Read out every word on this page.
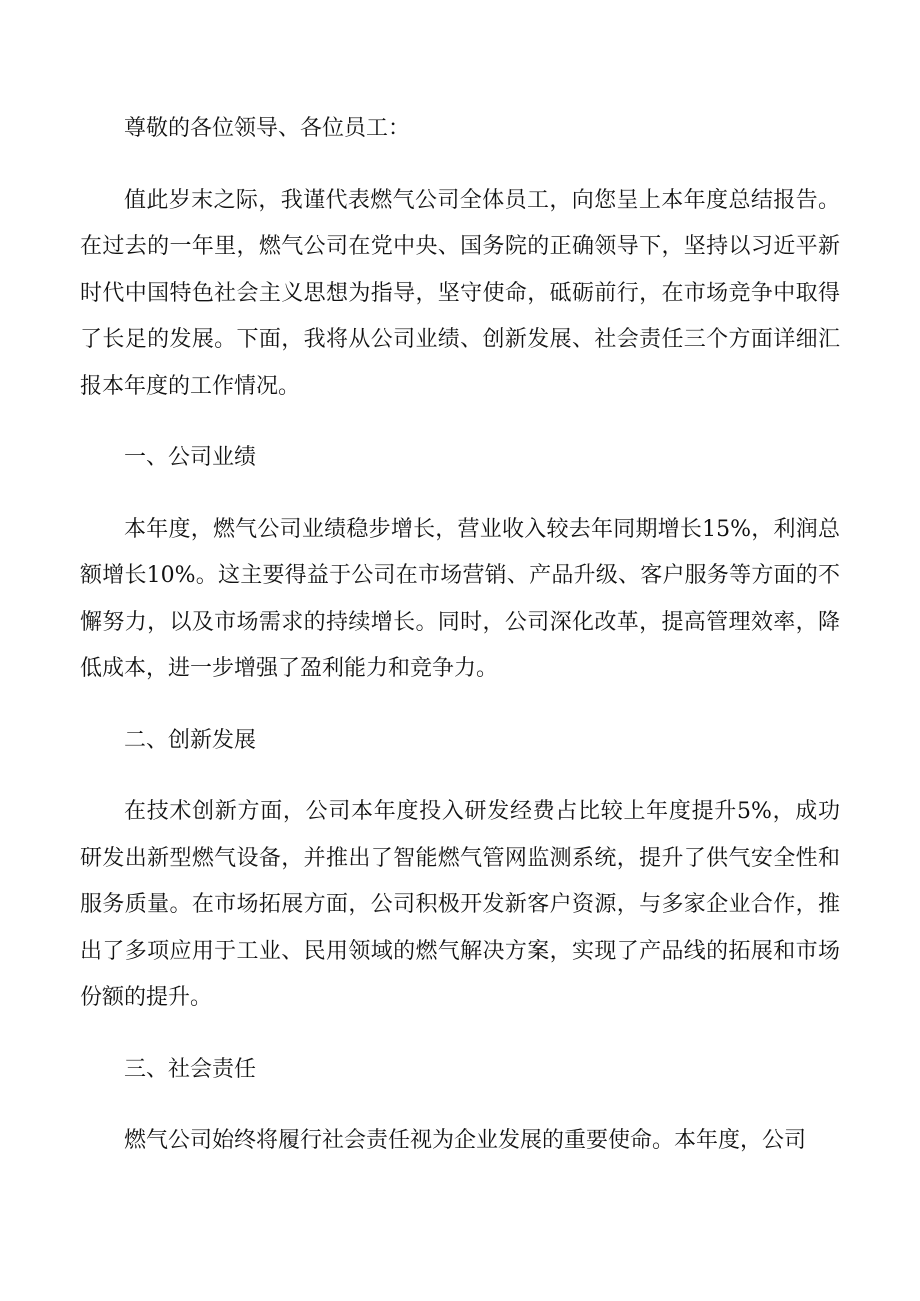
尊敬的各位领导、各位员工：

值此岁末之际，我谨代表燃气公司全体员工，向您呈上本年度总结报告。在过去的一年里，燃气公司在党中央、国务院的正确领导下，坚持以习近平新时代中国特色社会主义思想为指导，坚守使命，砥砺前行，在市场竞争中取得了长足的发展。下面，我将从公司业绩、创新发展、社会责任三个方面详细汇报本年度的工作情况。

一、公司业绩

本年度，燃气公司业绩稳步增长，营业收入较去年同期增长15%，利润总额增长10%。这主要得益于公司在市场营销、产品升级、客户服务等方面的不懈努力，以及市场需求的持续增长。同时，公司深化改革，提高管理效率，降低成本，进一步增强了盈利能力和竞争力。

二、创新发展

在技术创新方面，公司本年度投入研发经费占比较上年度提升5%，成功研发出新型燃气设备，并推出了智能燃气管网监测系统，提升了供气安全性和服务质量。在市场拓展方面，公司积极开发新客户资源，与多家企业合作，推出了多项应用于工业、民用领域的燃气解决方案，实现了产品线的拓展和市场份额的提升。

三、社会责任

燃气公司始终将履行社会责任视为企业发展的重要使命。本年度，公司
